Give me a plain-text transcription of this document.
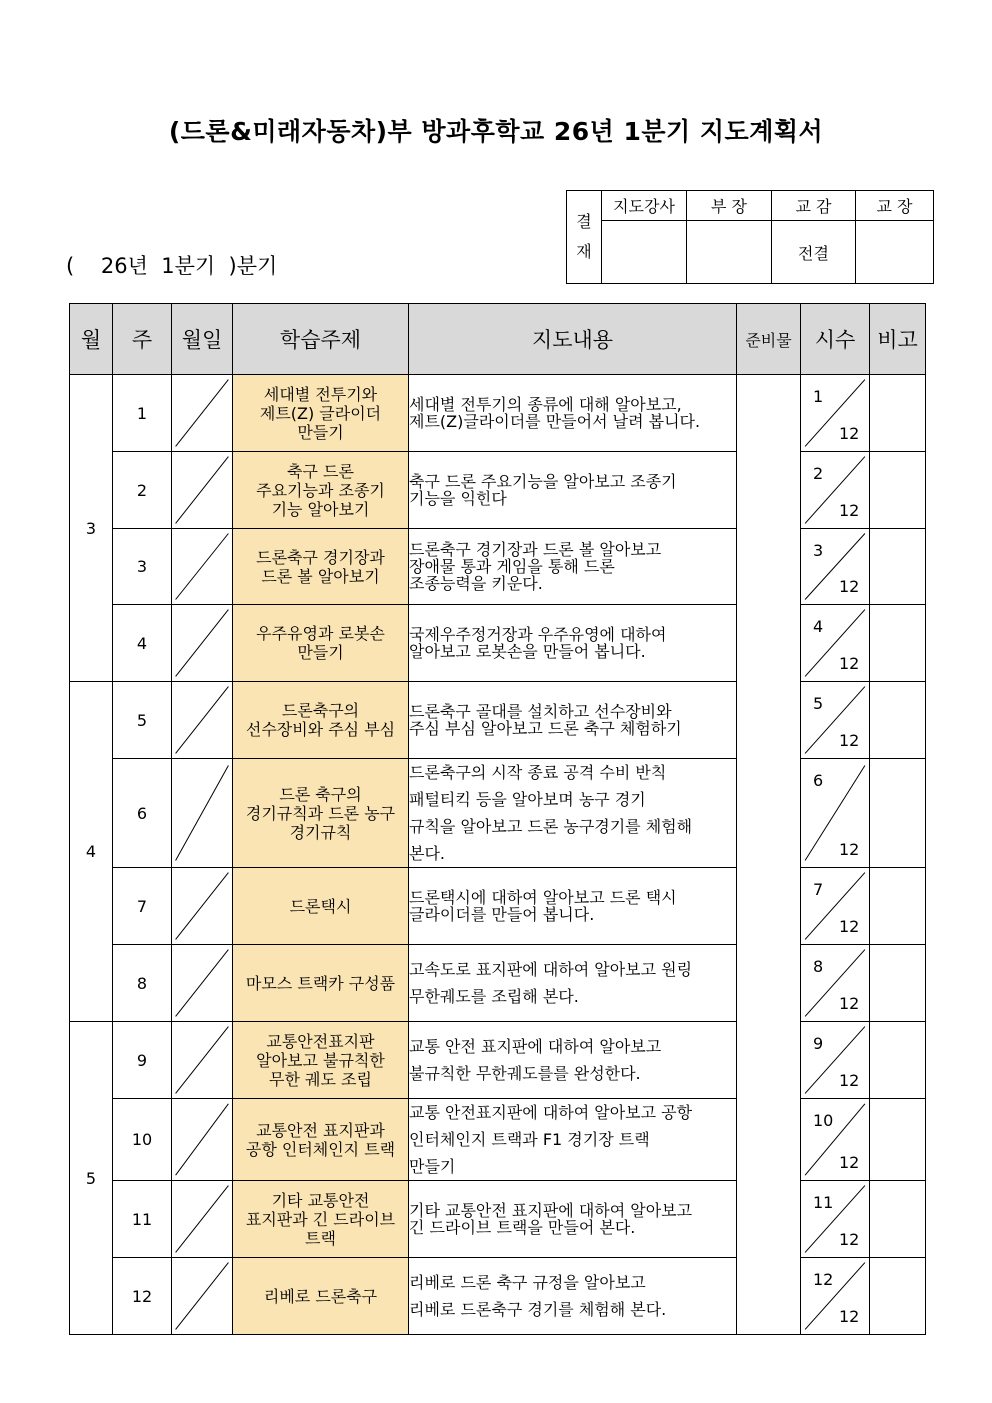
(드론&미래자동차)부 방과후학교 26년 1분기 지도계획서
결
재	지도강사	부 장	교 감	교 장
			전결	
(    26년  1분기  )분기
월	주	월일	학습주제	지도내용	준비물	시수	비고
3	1		세대별 전투기와
제트(Z) 글라이더
만들기	세대별 전투기의 종류에 대해 알아보고,
제트(Z)글라이더를 만들어서 날려 봅니다.		1
12	

	2		축구 드론
주요기능과 조종기
기능 알아보기	축구 드론 주요기능을 알아보고 조종기
기능을 익힌다		2
12	

	3		드론축구 경기장과
드론 볼 알아보기	드론축구 경기장과 드론 볼 알아보고
장애물 통과 게임을 통해 드론
조종능력을 키운다.		3
12	

	4		우주유영과 로봇손
만들기	국제우주정거장과 우주유영에 대하여
알아보고 로봇손을 만들어 봅니다.		4
12	

4	5		드론축구의
선수장비와 주심 부심	드론축구 골대를 설치하고 선수장비와
주심 부심 알아보고 드론 축구 체험하기		5
12	

	6		드론 축구의
경기규칙과 드론 농구
경기규칙	드론축구의 시작 종료 공격 수비 반칙
패털티킥 등을 알아보며 농구 경기
규칙을 알아보고 드론 농구경기를 체험해
본다.		6
12	

	7		드론택시	드론택시에 대하여 알아보고 드론 택시
글라이더를 만들어 봅니다.		7
12	

	8		마모스 트랙카 구성품	고속도로 표지판에 대하여 알아보고 원링
무한궤도를 조립해 본다.		8
12	

5	9		교통안전표지판
알아보고 불규칙한
무한 궤도 조립	교통 안전 표지판에 대하여 알아보고
불규칙한 무한궤도를를 완성한다.		9
12	

	10		교통안전 표지판과
공항 인터체인지 트랙	교통 안전표지판에 대하여 알아보고 공항
인터체인지 트랙과 F1 경기장 트랙
만들기		10
12	

	11		기타 교통안전
표지판과 긴 드라이브
트랙	기타 교통안전 표지판에 대하여 알아보고
긴 드라이브 트랙을 만들어 본다.		11
12	

	12		리베로 드론축구	리베로 드론 축구 규정을 알아보고
리베로 드론축구 경기를 체험해 본다.		12
12	
